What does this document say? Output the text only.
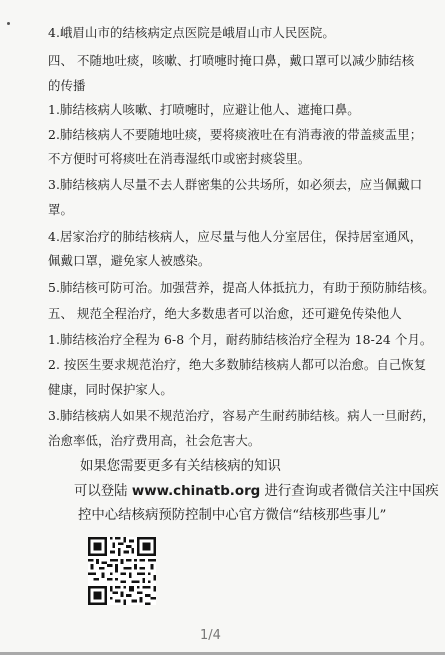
4.峨眉山市的结核病定点医院是峨眉山市人民医院。
四、 不随地吐痰，咳嗽、打喷嚏时掩口鼻，戴口罩可以减少肺结核
的传播
1.肺结核病人咳嗽、打喷嚏时，应避让他人、遮掩口鼻。
2.肺结核病人不要随地吐痰，要将痰液吐在有消毒液的带盖痰盂里；
不方便时可将痰吐在消毒湿纸巾或密封痰袋里。
3.肺结核病人尽量不去人群密集的公共场所，如必须去，应当佩戴口
罩。
4.居家治疗的肺结核病人，应尽量与他人分室居住，保持居室通风，
佩戴口罩，避免家人被感染。
5.肺结核可防可治。加强营养，提高人体抵抗力，有助于预防肺结核。
五、 规范全程治疗，绝大多数患者可以治愈，还可避免传染他人
1.肺结核治疗全程为 6-8 个月，耐药肺结核治疗全程为 18-24 个月。
2. 按医生要求规范治疗，绝大多数肺结核病人都可以治愈。自己恢复
健康，同时保护家人。
3.肺结核病人如果不规范治疗，容易产生耐药肺结核。病人一旦耐药，
治愈率低，治疗费用高，社会危害大。
如果您需要更多有关结核病的知识
可以登陆 www.chinatb.org 进行查询或者微信关注中国疾
控中心结核病预防控制中心官方微信“结核那些事儿”
1/4
